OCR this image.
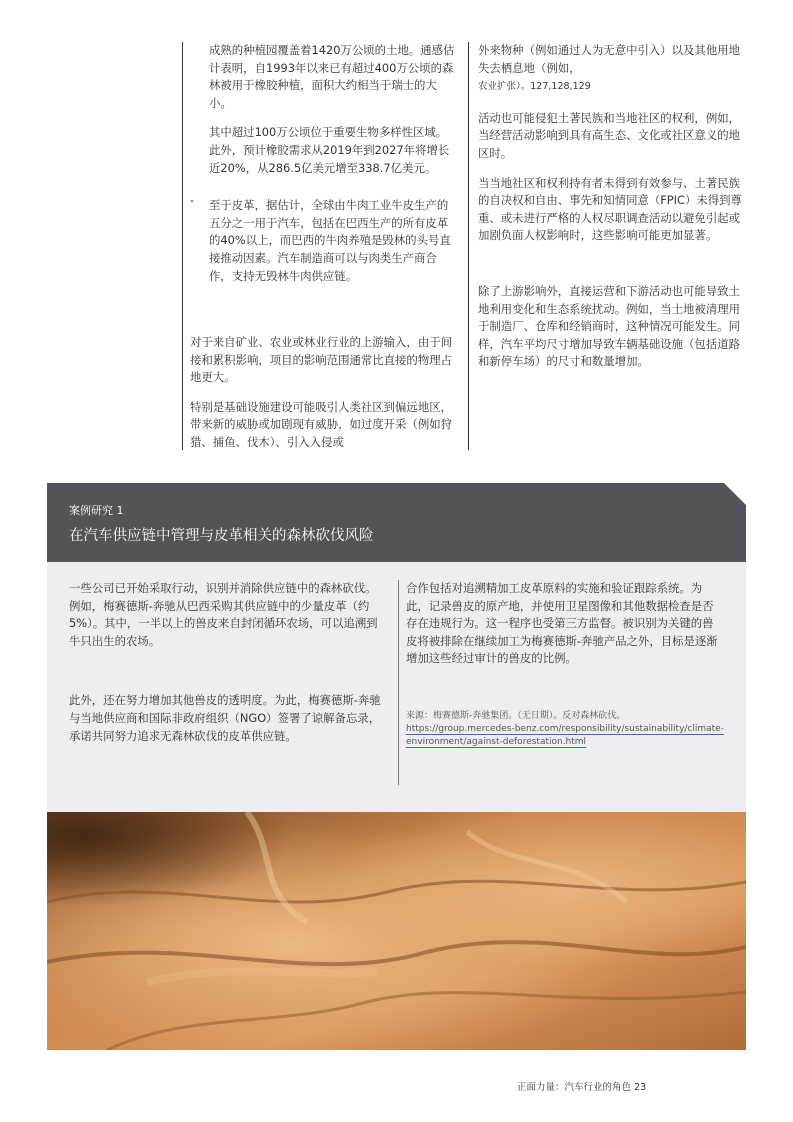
成熟的种植园覆盖着1420万公顷的土地。通感估计表明，自1993年以来已有超过400万公顷的森林被用于橡胶种植，面积大约相当于瑞士的大小。

其中超过100万公顷位于重要生物多样性区域。此外，预计橡胶需求从2019年到2027年将增长近20%，从286.5亿美元增至338.7亿美元。

至于皮革，据估计，全球由牛肉工业牛皮生产的五分之一用于汽车，包括在巴西生产的所有皮革的40%以上，而巴西的牛肉养殖是毁林的头号直接推动因素。汽车制造商可以与肉类生产商合作，支持无毁林牛肉供应链。

-

对于来自矿业、农业或林业行业的上游输入，由于间接和累积影响，项目的影响范围通常比直接的物理占地更大。

特别是基础设施建设可能吸引人类社区到偏远地区，带来新的威胁或加剧现有威胁，如过度开采（例如狩猎、捕鱼、伐木）、引入入侵或

外来物种（例如通过人为无意中引入）以及其他用地失去栖息地（例如，
农业扩张）。127,128,129

活动也可能侵犯土著民族和当地社区的权利，例如，当经营活动影响到具有高生态、文化或社区意义的地区时。

当当地社区和权利持有者未得到有效参与、土著民族的自决权和自由、事先和知情同意（FPIC）未得到尊重、或未进行严格的人权尽职调查活动以避免引起或加剧负面人权影响时，这些影响可能更加显著。

除了上游影响外，直接运营和下游活动也可能导致土地利用变化和生态系统扰动。例如，当土地被清理用于制造厂、仓库和经销商时，这种情况可能发生。同样，汽车平均尺寸增加导致车辆基础设施（包括道路和新停车场）的尺寸和数量增加。

案例研究 1
在汽车供应链中管理与皮革相关的森林砍伐风险

一些公司已开始采取行动，识别并消除供应链中的森林砍伐。例如，梅赛德斯-奔驰从巴西采购其供应链中的少量皮革（约5%）。其中，一半以上的兽皮来自封闭循环农场，可以追溯到牛只出生的农场。

此外，还在努力增加其他兽皮的透明度。为此，梅赛德斯-奔驰与当地供应商和国际非政府组织（NGO）签署了谅解备忘录，承诺共同努力追求无森林砍伐的皮革供应链。

合作包括对追溯精加工皮革原料的实施和验证跟踪系统。为此，记录兽皮的原产地，并使用卫星图像和其他数据检查是否存在违规行为。这一程序也受第三方监督。被识别为关键的兽皮将被排除在继续加工为梅赛德斯-奔驰产品之外，目标是逐渐增加这些经过审计的兽皮的比例。

来源：梅赛德斯-奔驰集团。（无日期）。反对森林砍伐。
https://group.mercedes-benz.com/responsibility/sustainability/climate-environment/against-deforestation.html
正面力量：汽车行业的角色 23
